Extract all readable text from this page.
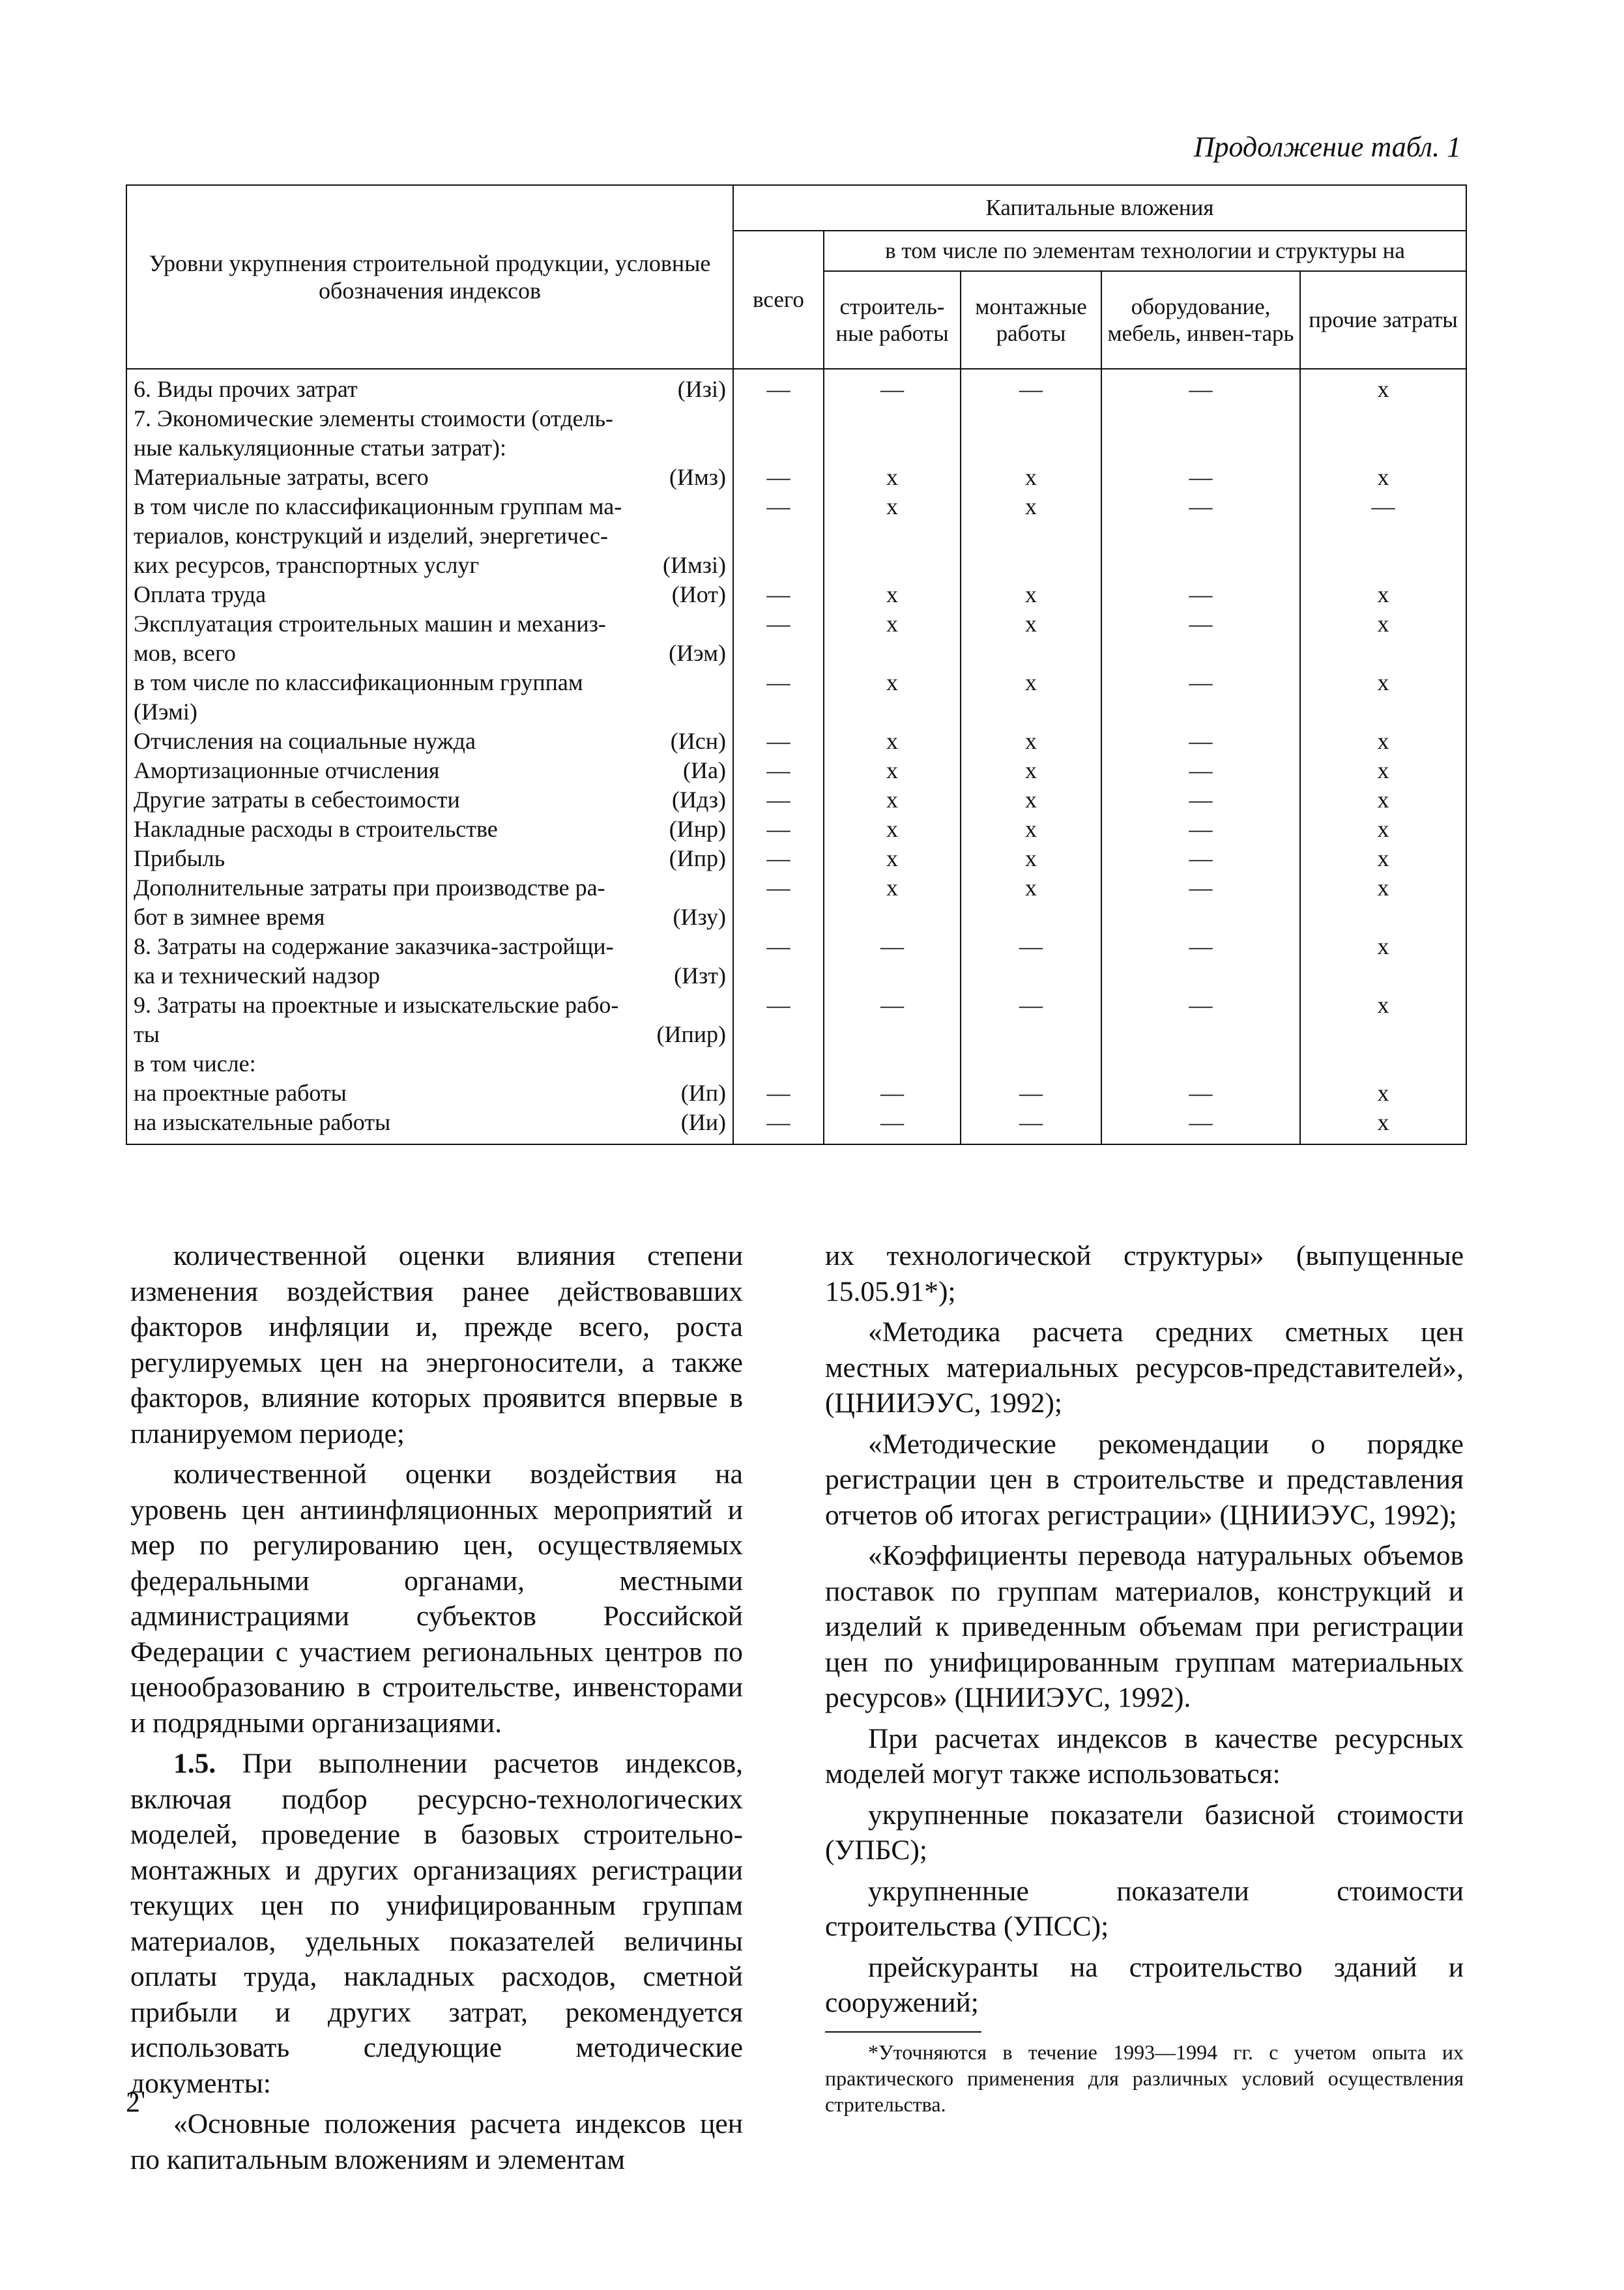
Продолжение табл. 1
Уровни укрупнения строительной продукции, условные обозначения индексов	Капитальные вложения				
	всего	в том числе по элементам технологии и структуры на			
		строитель-ные работы	монтажные работы	оборудование, мебель, инвен-тарь	прочие затраты

6. Виды прочих затрат (Изi)	—	—	—	—	x

7. Экономические элементы стоимости (отдель-
ные калькуляционные статьи затрат):					

Материальные затраты, всего (Имз)	—	x	x	—	x

в том числе по классификационным группам ма-
териалов, конструкций и изделий, энергетичес-
ких ресурсов, транспортных услуг (Имзi)	—	x	x	—	—

Оплата труда (Иот)	—	x	x	—	x

Эксплуатация строительных машин и механиз-
мов, всего (Иэм)	—	x	x	—	x

в том числе по классификационным группам
(Иэмi)	—	x	x	—	x

Отчисления на социальные нужда (Исн)	—	x	x	—	x

Амортизационные отчисления (Иа)	—	x	x	—	x

Другие затраты в себестоимости (Идз)	—	x	x	—	x

Накладные расходы в строительстве (Инр)	—	x	x	—	x

Прибыль (Ипр)	—	x	x	—	x

Дополнительные затраты при производстве ра-
бот в зимнее время (Изу)	—	x	x	—	x

8. Затраты на содержание заказчика-застройщи-
ка и технический надзор (Изт)	—	—	—	—	x

9. Затраты на проектные и изыскательские рабо-
ты (Ипир)	—	—	—	—	x

в том числе:					

на проектные работы (Ип)	—	—	—	—	x

на изыскательные работы (Ии)	—	—	—	—	x

количественной оценки влияния степени изменения воздействия ранее действовавших факторов инфляции и, прежде всего, роста регулируемых цен на энергоносители, а также факторов, влияние которых проявится впервые в планируемом периоде;

количественной оценки воздействия на уровень цен антиинфляционных мероприятий и мер по регулированию цен, осуществляемых федеральными органами, местными администрациями субъектов Российской Федерации с участием региональных центров по ценообразованию в строительстве, инвенсторами и подрядными организациями.

1.5. При выполнении расчетов индексов, включая подбор ресурсно-технологических моделей, проведение в базовых строительно-монтажных и других организациях регистрации текущих цен по унифицированным группам материалов, удельных показателей величины оплаты труда, накладных расходов, сметной прибыли и других затрат, рекомендуется использовать следующие методические документы:

«Основные положения расчета индексов цен по капитальным вложениям и элементам

их технологической структуры» (выпущенные 15.05.91*);

«Методика расчета средних сметных цен местных материальных ресурсов-представителей», (ЦНИИЭУС, 1992);

«Методические рекомендации о порядке регистрации цен в строительстве и представления отчетов об итогах регистрации» (ЦНИИЭУС, 1992);

«Коэффициенты перевода натуральных объемов поставок по группам материалов, конструкций и изделий к приведенным объемам при регистрации цен по унифицированным группам материальных ресурсов» (ЦНИИЭУС, 1992).

При расчетах индексов в качестве ресурсных моделей могут также использоваться:

укрупненные показатели базисной стоимости (УПБС);

укрупненные показатели стоимости строительства (УПСС);

прейскуранты на строительство зданий и сооружений;

*Уточняются в течение 1993—1994 гг. с учетом опыта их практического применения для различных условий осуществления стрительства.

2
